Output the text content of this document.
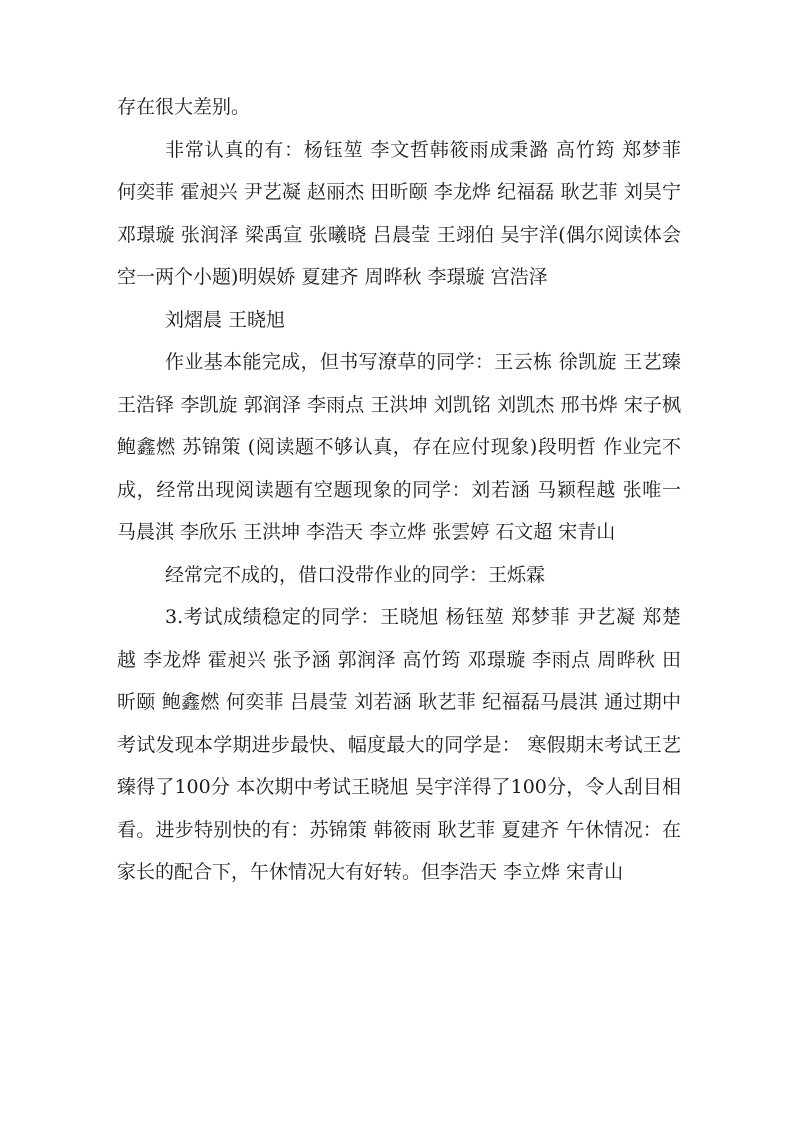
存在很大差别。

非常认真的有：杨钰堃 李文哲韩筱雨成秉潞 高竹筠 郑梦菲 何奕菲 霍昶兴 尹艺凝 赵丽杰 田昕颐 李龙烨 纪福磊 耿艺菲 刘昊宁 邓璟璇 张润泽 梁禹宣 张曦晓 吕晨莹 王翊伯 吴宇洋(偶尔阅读体会空一两个小题)明娱娇 夏建齐 周晔秋 李璟璇 宫浩泽

刘熠晨 王晓旭

作业基本能完成，但书写潦草的同学：王云栋 徐凯旋 王艺臻 王浩铎 李凯旋 郭润泽 李雨点 王洪坤 刘凯铭 刘凯杰 邢书烨 宋子枫 鲍鑫燃 苏锦策 (阅读题不够认真，存在应付现象)段明哲 作业完不成，经常出现阅读题有空题现象的同学：刘若涵 马颖程越 张唯一 马晨淇 李欣乐 王洪坤 李浩天 李立烨 张雲婷 石文超 宋青山

经常完不成的，借口没带作业的同学：王烁霖

3.考试成绩稳定的同学：王晓旭 杨钰堃 郑梦菲 尹艺凝 郑楚越 李龙烨 霍昶兴 张予涵 郭润泽 高竹筠 邓璟璇 李雨点 周晔秋 田昕颐 鲍鑫燃 何奕菲 吕晨莹 刘若涵 耿艺菲 纪福磊马晨淇 通过期中考试发现本学期进步最快、幅度最大的同学是： 寒假期末考试王艺臻得了100分 本次期中考试王晓旭 吴宇洋得了100分，令人刮目相看。进步特别快的有：苏锦策 韩筱雨 耿艺菲 夏建齐 午休情况：在家长的配合下，午休情况大有好转。但李浩天 李立烨 宋青山
